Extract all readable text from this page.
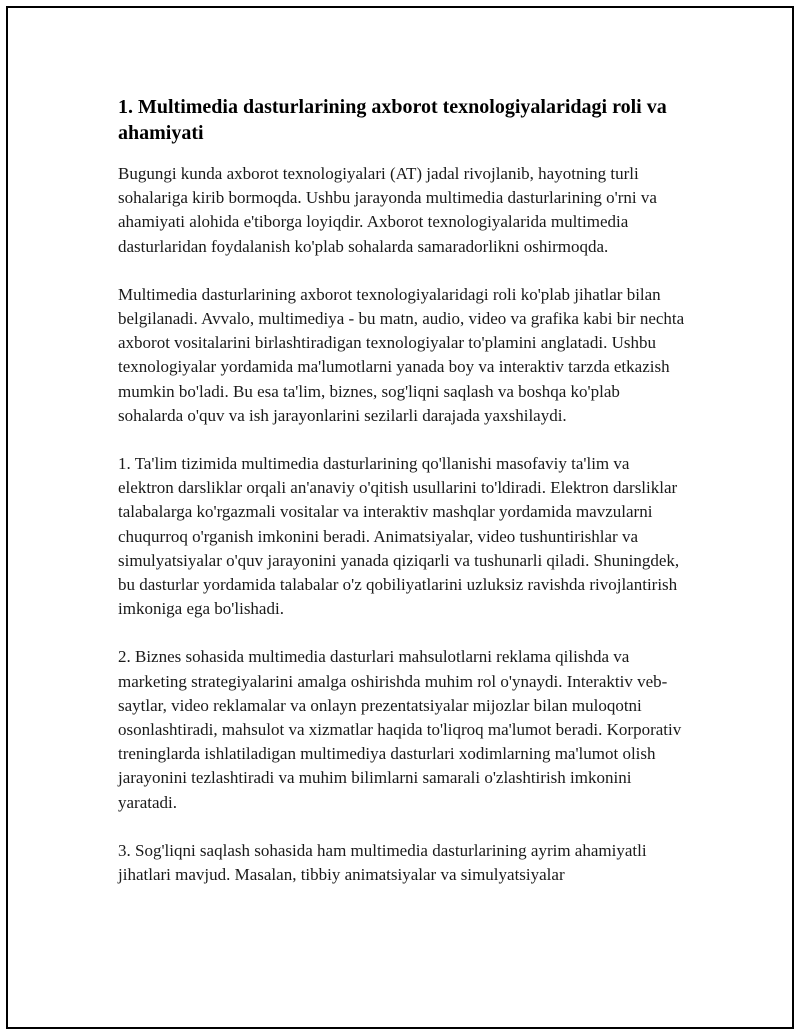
1. Multimedia dasturlarining axborot texnologiyalaridagi roli va ahamiyati

Bugungi kunda axborot texnologiyalari (AT) jadal rivojlanib, hayotning turli sohalariga kirib bormoqda. Ushbu jarayonda multimedia dasturlarining o'rni va ahamiyati alohida e'tiborga loyiqdir. Axborot texnologiyalarida multimedia dasturlaridan foydalanish ko'plab sohalarda samaradorlikni oshirmoqda.

Multimedia dasturlarining axborot texnologiyalaridagi roli ko'plab jihatlar bilan belgilanadi. Avvalo, multimediya - bu matn, audio, video va grafika kabi bir nechta axborot vositalarini birlashtiradigan texnologiyalar to'plamini anglatadi. Ushbu texnologiyalar yordamida ma'lumotlarni yanada boy va interaktiv tarzda etkazish mumkin bo'ladi. Bu esa ta'lim, biznes, sog'liqni saqlash va boshqa ko'plab sohalarda o'quv va ish jarayonlarini sezilarli darajada yaxshilaydi.

1. Ta'lim tizimida multimedia dasturlarining qo'llanishi masofaviy ta'lim va elektron darsliklar orqali an'anaviy o'qitish usullarini to'ldiradi. Elektron darsliklar talabalarga ko'rgazmali vositalar va interaktiv mashqlar yordamida mavzularni chuqurroq o'rganish imkonini beradi. Animatsiyalar, video tushuntirishlar va simulyatsiyalar o'quv jarayonini yanada qiziqarli va tushunarli qiladi. Shuningdek, bu dasturlar yordamida talabalar o'z qobiliyatlarini uzluksiz ravishda rivojlantirish imkoniga ega bo'lishadi.

2. Biznes sohasida multimedia dasturlari mahsulotlarni reklama qilishda va marketing strategiyalarini amalga oshirishda muhim rol o'ynaydi. Interaktiv veb-saytlar, video reklamalar va onlayn prezentatsiyalar mijozlar bilan muloqotni osonlashtiradi, mahsulot va xizmatlar haqida to'liqroq ma'lumot beradi. Korporativ treninglarda ishlatiladigan multimediya dasturlari xodimlarning ma'lumot olish jarayonini tezlashtiradi va muhim bilimlarni samarali o'zlashtirish imkonini yaratadi.

3. Sog'liqni saqlash sohasida ham multimedia dasturlarining ayrim ahamiyatli jihatlari mavjud. Masalan, tibbiy animatsiyalar va simulyatsiyalar
